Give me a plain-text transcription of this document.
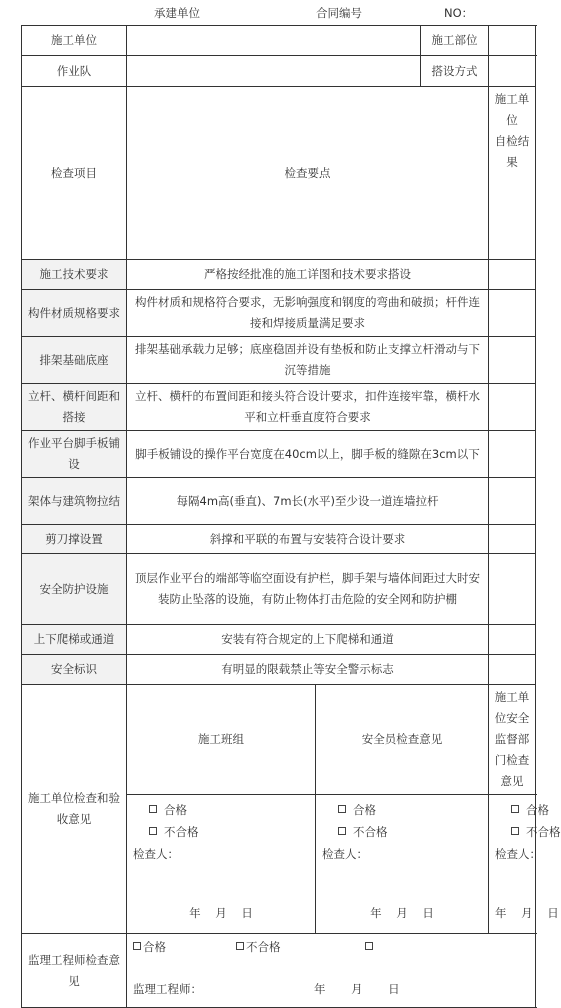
承建单位	合同编号	NO：
施工单位			施工部位		
作业队			搭设方式		
检查项目	检查要点			施工单位
自检结果

施工技术要求	严格按经批准的施工详图和技术要求搭设				
构件材质规格要求	构件材质和规格符合要求，无影响强度和钢度的弯曲和破损；杆件连接和焊接质量满足要求				
排架基础底座	排架基础承载力足够；底座稳固并设有垫板和防止支撑立杆滑动与下沉等措施				
立杆、横杆间距和搭接	立杆、横杆的布置间距和接头符合设计要求，扣件连接牢靠，横杆水平和立杆垂直度符合要求				
作业平台脚手板铺设	脚手板铺设的操作平台宽度在40cm以上，脚手板的缝隙在3cm以下				
架体与建筑物拉结	每隔4m高(垂直)、7m长(水平)至少设一道连墙拉杆				
剪刀撑设置	斜撑和平联的布置与安装符合设计要求				
安全防护设施	顶层作业平台的端部等临空面设有护栏，脚手架与墙体间距过大时安装防止坠落的设施，有防止物体打击危险的安全网和防护棚				
上下爬梯或通道	安装有符合规定的上下爬梯和通道				
安全标识	有明显的限载禁止等安全警示标志				
施工单位检查和验收意见	施工班组	安全员检查意见		施工单位安全监督部门检查意见	

	合格
不合格
检查人：
年    月    日	合格
不合格
检查人：
年    月    日		合格
不合格
检查人：
年    月    日	

监理工程师检查意见	合格 不合格
监理工程师： 年       月       日				
